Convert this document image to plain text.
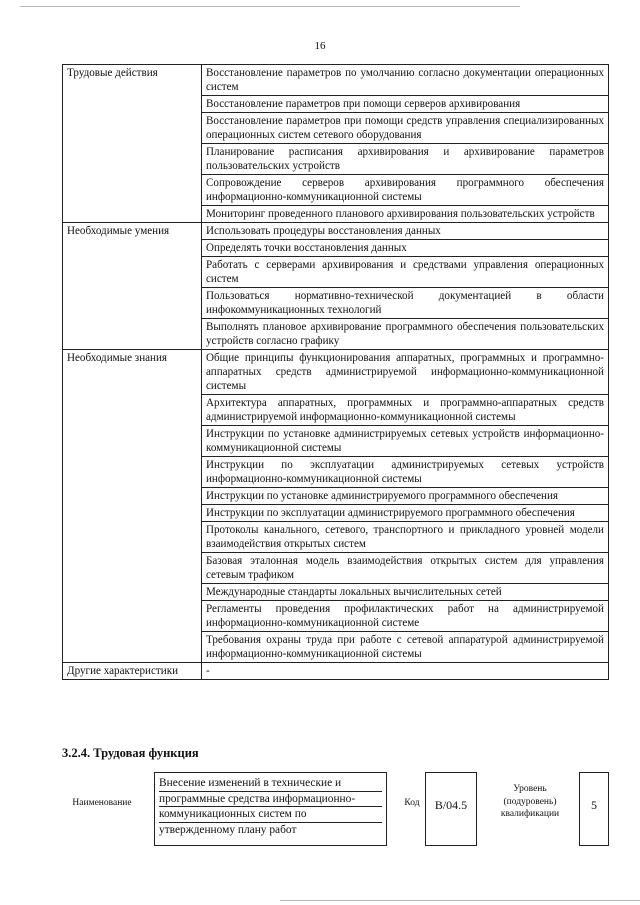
16
Трудовые действия	Восстановление параметров по умолчанию согласно документации операционных систем
	Восстановление параметров при помощи серверов архивирования
	Восстановление параметров при помощи средств управления специализированных операционных систем сетевого оборудования
	Планирование расписания архивирования и архивирование параметров пользовательских устройств
	Сопровождение серверов архивирования программного обеспечения информационно-коммуникационной системы
	Мониторинг проведенного планового архивирования пользовательских устройств
Необходимые умения	Использовать процедуры восстановления данных
	Определять точки восстановления данных
	Работать с серверами архивирования и средствами управления операционных систем
	Пользоваться нормативно-технической документацией в области инфокоммуникационных технологий
	Выполнять плановое архивирование программного обеспечения пользовательских устройств согласно графику
Необходимые знания	Общие принципы функционирования аппаратных, программных и программно-аппаратных средств администрируемой информационно-коммуникационной системы
	Архитектура аппаратных, программных и программно-аппаратных средств администрируемой информационно-коммуникационной системы
	Инструкции по установке администрируемых сетевых устройств информационно-коммуникационной системы
	Инструкции по эксплуатации администрируемых сетевых устройств информационно-коммуникационной системы
	Инструкции по установке администрируемого программного обеспечения
	Инструкции по эксплуатации администрируемого программного обеспечения
	Протоколы канального, сетевого, транспортного и прикладного уровней модели взаимодействия открытых систем
	Базовая эталонная модель взаимодействия открытых систем для управления сетевым трафиком
	Международные стандарты локальных вычислительных сетей
	Регламенты проведения профилактических работ на администрируемой информационно-коммуникационной системе
	Требования охраны труда при работе с сетевой аппаратурой администрируемой информационно-коммуникационной системы
Другие характеристики	-
3.2.4. Трудовая функция
Наименование
Внесение изменений в технические и
программные средства информационно-
коммуникационных систем по
утвержденному плану работ
Код	B/04.5
Уровень
(подуровень)
квалификации
5
